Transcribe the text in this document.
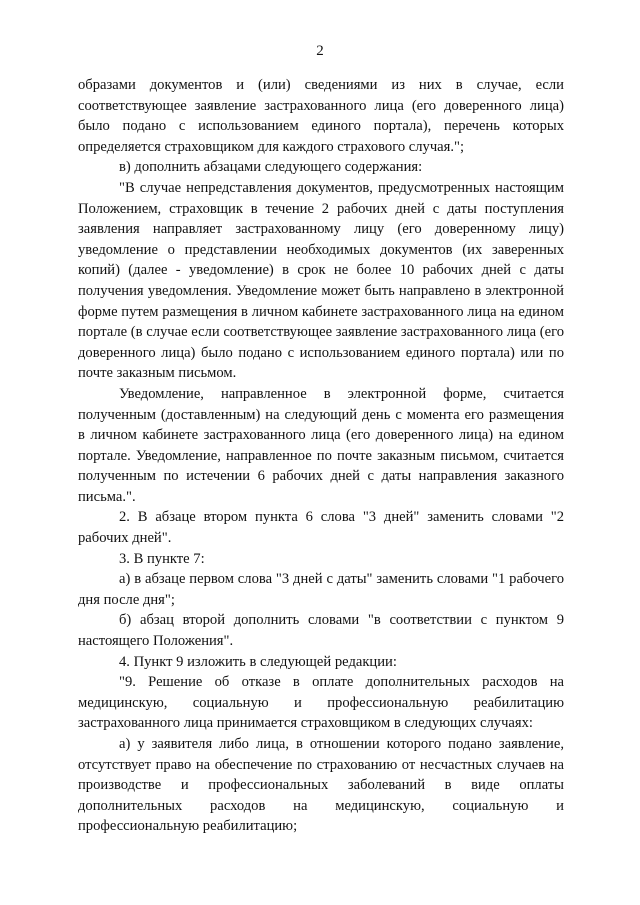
2

образами документов и (или) сведениями из них в случае, если соответствующее заявление застрахованного лица (его доверенного лица) было подано с использованием единого портала), перечень которых определяется страховщиком для каждого страхового случая.";

в) дополнить абзацами следующего содержания:

"В случае непредставления документов, предусмотренных настоящим Положением, страховщик в течение 2 рабочих дней с даты поступления заявления направляет застрахованному лицу (его доверенному лицу) уведомление о представлении необходимых документов (их заверенных копий) (далее - уведомление) в срок не более 10 рабочих дней с даты получения уведомления. Уведомление может быть направлено в электронной форме путем размещения в личном кабинете застрахованного лица на едином портале (в случае если соответствующее заявление застрахованного лица (его доверенного лица) было подано с использованием единого портала) или по почте заказным письмом.

Уведомление, направленное в электронной форме, считается полученным (доставленным) на следующий день с момента его размещения в личном кабинете застрахованного лица (его доверенного лица) на едином портале. Уведомление, направленное по почте заказным письмом, считается полученным по истечении 6 рабочих дней с даты направления заказного письма.".

2. В абзаце втором пункта 6 слова "3 дней" заменить словами "2 рабочих дней".

3. В пункте 7:

а) в абзаце первом слова "3 дней с даты" заменить словами "1 рабочего дня после дня";

б) абзац второй дополнить словами "в соответствии с пунктом 9 настоящего Положения".

4. Пункт 9 изложить в следующей редакции:

"9. Решение об отказе в оплате дополнительных расходов на медицинскую, социальную и профессиональную реабилитацию застрахованного лица принимается страховщиком в следующих случаях:

а) у заявителя либо лица, в отношении которого подано заявление, отсутствует право на обеспечение по страхованию от несчастных случаев на производстве и профессиональных заболеваний в виде оплаты дополнительных расходов на медицинскую, социальную и профессиональную реабилитацию;
